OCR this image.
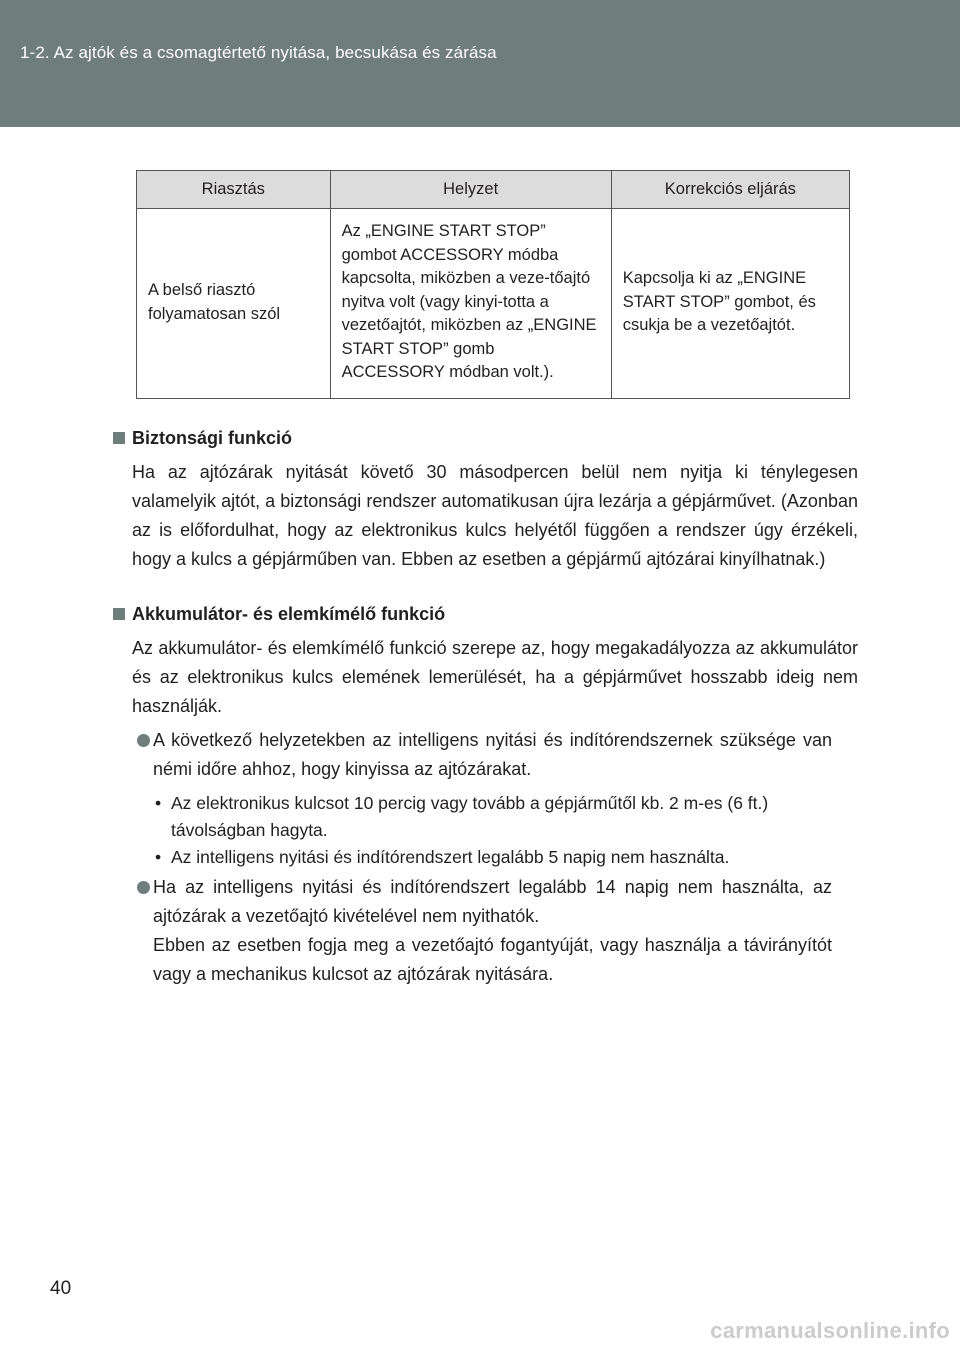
1-2. Az ajtók és a csomagtértető nyitása, becsukása és zárása
Riasztás	Helyzet	Korrekciós eljárás
A belső riasztó folyamatosan szól	Az „ENGINE START STOP” gombot ACCESSORY módba kapcsolta, miközben a veze-tőajtó nyitva volt (vagy kinyi-totta a vezetőajtót, miközben az „ENGINE START STOP” gomb ACCESSORY módban volt.).	Kapcsolja ki az „ENGINE START STOP” gombot, és csukja be a vezetőajtót.
Biztonsági funkció

Ha az ajtózárak nyitását követő 30 másodpercen belül nem nyitja ki ténylegesen valamelyik ajtót, a biztonsági rendszer automatikusan újra lezárja a gépjárművet. (Azonban az is előfordulhat, hogy az elektronikus kulcs helyétől függően a rendszer úgy érzékeli, hogy a kulcs a gépjárműben van. Ebben az esetben a gépjármű ajtózárai kinyílhatnak.)

Akkumulátor- és elemkímélő funkció

Az akkumulátor- és elemkímélő funkció szerepe az, hogy megakadályozza az akkumulátor és az elektronikus kulcs elemének lemerülését, ha a gépjárművet hosszabb ideig nem használják.

A következő helyzetekben az intelligens nyitási és indítórendszernek szüksége van némi időre ahhoz, hogy kinyissa az ajtózárakat.
• Az elektronikus kulcsot 10 percig vagy tovább a gépjárműtől kb. 2 m-es (6 ft.) távolságban hagyta.
• Az intelligens nyitási és indítórendszert legalább 5 napig nem használta.
Ha az intelligens nyitási és indítórendszert legalább 14 napig nem használta, az ajtózárak a vezetőajtó kivételével nem nyithatók.
Ebben az esetben fogja meg a vezetőajtó fogantyúját, vagy használja a távirányítót vagy a mechanikus kulcsot az ajtózárak nyitására.
40
carmanualsonline.info
